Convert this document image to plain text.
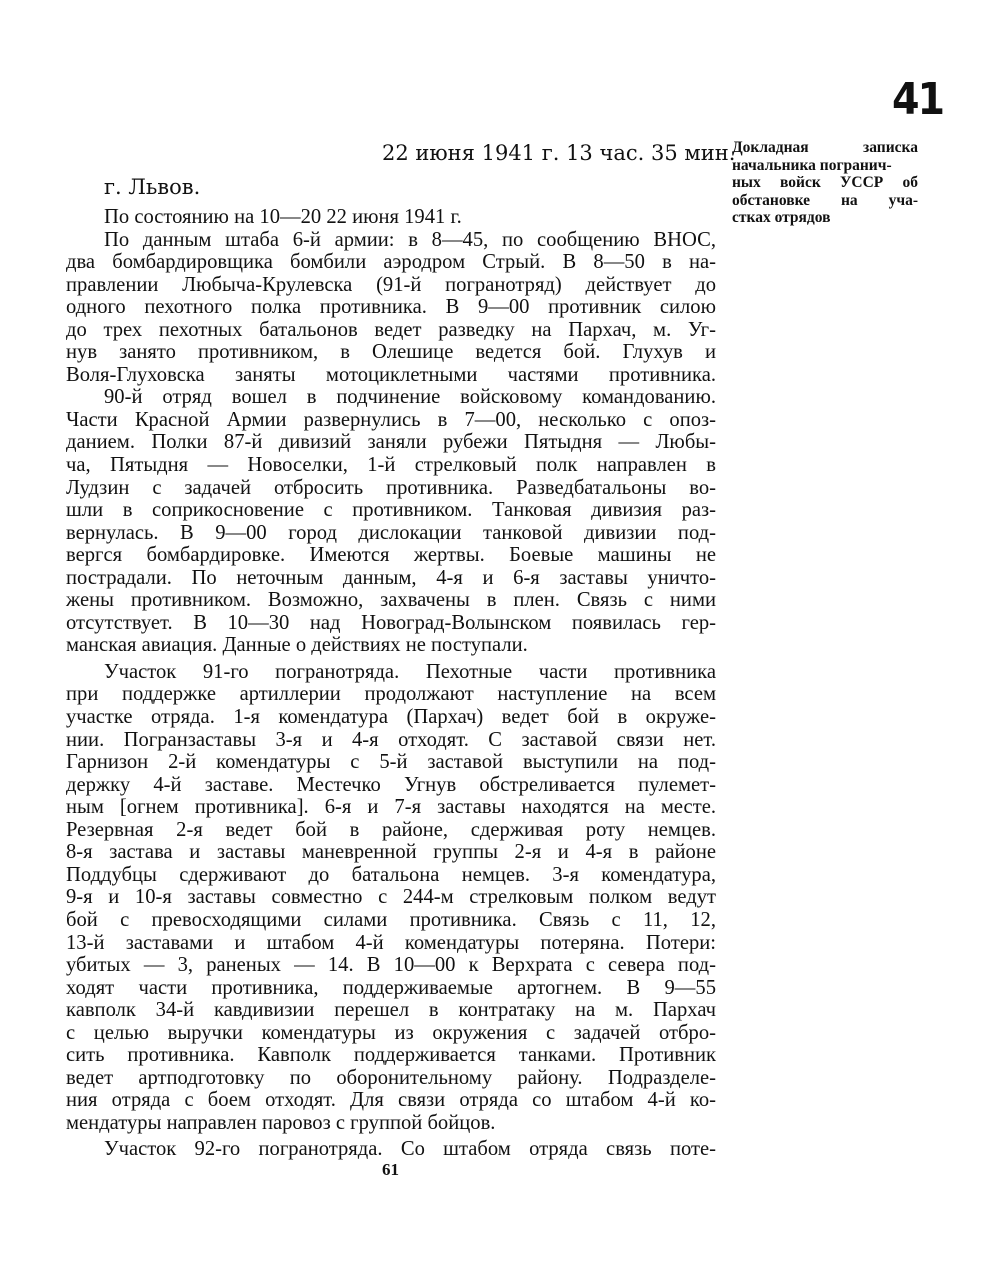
41
22 июня 1941 г. 13 час. 35 мин.
Докладная записка
начальника погранич-
ных войск УССР об
обстановке на уча-
стках отрядов
г. Львов.
По состоянию на 10—20 22 июня 1941 г.
По данным штаба 6-й армии: в 8—45, по сообщению ВНОС,
два бомбардировщика бомбили аэродром Стрый. В 8—50 в на-
правлении Любыча-Крулевска (91-й погранотряд) действует до
одного пехотного полка противника. В 9—00 противник силою
до трех пехотных батальонов ведет разведку на Пархач, м. Уг-
нув занято противником, в Олешице ведется бой. Глухув и
Воля-Глуховска заняты мотоциклетными частями противника.
90-й отряд вошел в подчинение войсковому командованию.
Части Красной Армии развернулись в 7—00, несколько с опоз-
данием. Полки 87-й дивизий заняли рубежи Пятыдня — Любы-
ча, Пятыдня — Новоселки, 1-й стрелковый полк направлен в
Лудзин с задачей отбросить противника. Разведбатальоны во-
шли в соприкосновение с противником. Танковая дивизия раз-
вернулась. В 9—00 город дислокации танковой дивизии под-
вергся бомбардировке. Имеются жертвы. Боевые машины не
пострадали. По неточным данным, 4-я и 6-я заставы уничто-
жены противником. Возможно, захвачены в плен. Связь с ними
отсутствует. В 10—30 над Новоград-Волынском появилась гер-
манская авиация. Данные о действиях не поступали.
Участок 91-го погранотряда. Пехотные части противника
при поддержке артиллерии продолжают наступление на всем
участке отряда. 1-я комендатура (Пархач) ведет бой в окруже-
нии. Погранзаставы 3-я и 4-я отходят. С заставой связи нет.
Гарнизон 2-й комендатуры с 5-й заставой выступили на под-
держку 4-й заставе. Местечко Угнув обстреливается пулемет-
ным [огнем противника]. 6-я и 7-я заставы находятся на месте.
Резервная 2-я ведет бой в районе, сдерживая роту немцев.
8-я застава и заставы маневренной группы 2-я и 4-я в районе
Поддубцы сдерживают до батальона немцев. 3-я комендатура,
9-я и 10-я заставы совместно с 244-м стрелковым полком ведут
бой с превосходящими силами противника. Связь с 11, 12,
13-й заставами и штабом 4-й комендатуры потеряна. Потери:
убитых — 3, раненых — 14. В 10—00 к Верхрата с севера под-
ходят части противника, поддерживаемые артогнем. В 9—55
кавполк 34-й кавдивизии перешел в контратаку на м. Пархач
с целью выручки комендатуры из окружения с задачей отбро-
сить противника. Кавполк поддерживается танками. Противник
ведет артподготовку по оборонительному району. Подразделе-
ния отряда с боем отходят. Для связи отряда со штабом 4-й ко-
мендатуры направлен паровоз с группой бойцов.
Участок 92-го погранотряда. Со штабом отряда связь поте-
61
